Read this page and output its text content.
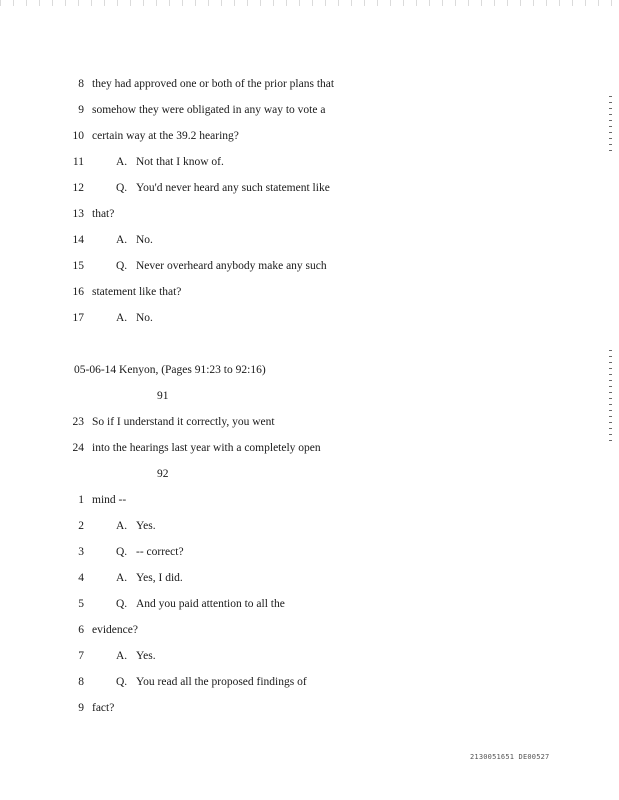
8 they had approved one or both of the prior plans that
9 somehow they were obligated in any way to vote a
10 certain way at the 39.2 hearing?
11	A. Not that I know of.
12	Q. You'd never heard any such statement like
13 that?
14	A. No.
15	Q. Never overheard anybody make any such
16 statement like that?
17	A. No.
05-06-14 Kenyon, (Pages 91:23 to 92:16)
91
23 So if I understand it correctly, you went
24 into the hearings last year with a completely open
92
1 mind --
2	A. Yes.
3	Q. -- correct?
4	A. Yes, I did.
5	Q. And you paid attention to all the
6 evidence?
7	A. Yes.
8	Q. You read all the proposed findings of
9 fact?
2130051651 DE00527
